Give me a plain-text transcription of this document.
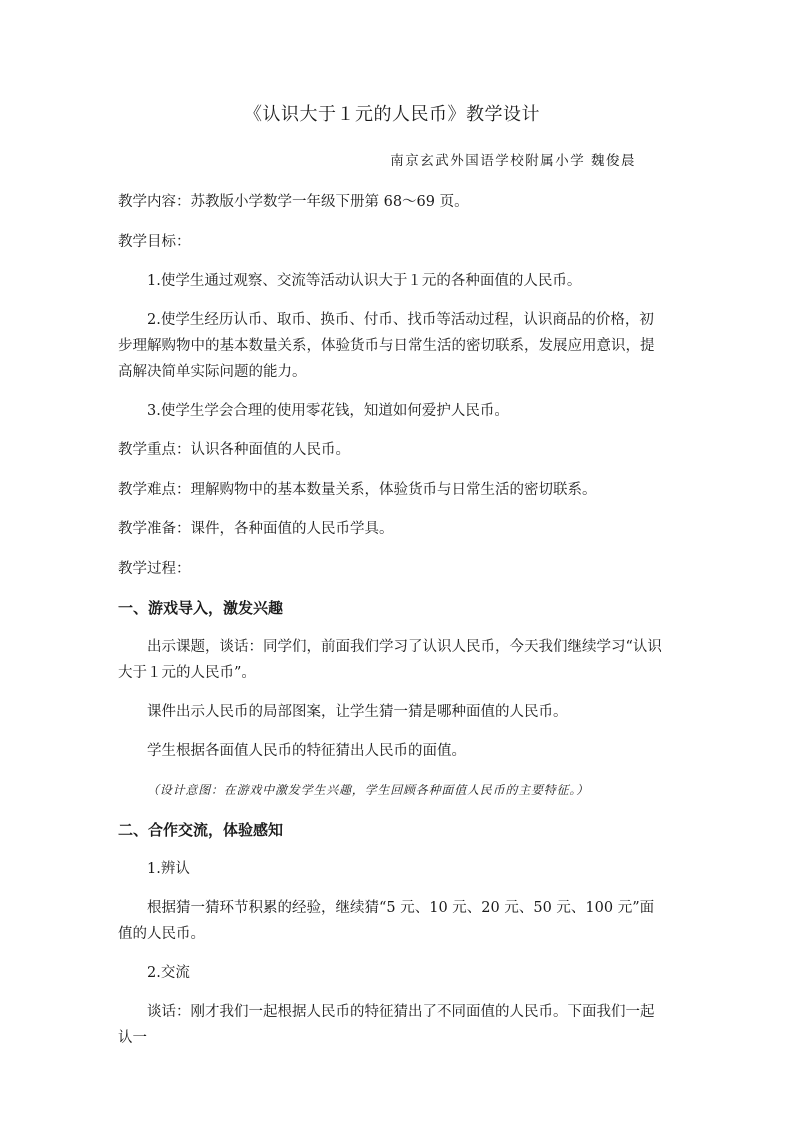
《认识大于１元的人民币》教学设计
南京玄武外国语学校附属小学 魏俊晨

教学内容：苏教版小学数学一年级下册第 68～69 页。

教学目标：

1.使学生通过观察、交流等活动认识大于１元的各种面值的人民币。

2.使学生经历认币、取币、换币、付币、找币等活动过程，认识商品的价格，初步理解购物中的基本数量关系，体验货币与日常生活的密切联系，发展应用意识，提高解决简单实际问题的能力。

3.使学生学会合理的使用零花钱，知道如何爱护人民币。

教学重点：认识各种面值的人民币。

教学难点：理解购物中的基本数量关系，体验货币与日常生活的密切联系。

教学准备：课件，各种面值的人民币学具。

教学过程：

一、游戏导入，激发兴趣

出示课题，谈话：同学们，前面我们学习了认识人民币，今天我们继续学习“认识大于１元的人民币”。

课件出示人民币的局部图案，让学生猜一猜是哪种面值的人民币。

学生根据各面值人民币的特征猜出人民币的面值。

（设计意图：在游戏中激发学生兴趣，学生回顾各种面值人民币的主要特征。）
二、合作交流，体验感知

1.辨认

根据猜一猜环节积累的经验，继续猜“5 元、10 元、20 元、50 元、100 元”面值的人民币。

2.交流

谈话：刚才我们一起根据人民币的特征猜出了不同面值的人民币。下面我们一起认一
